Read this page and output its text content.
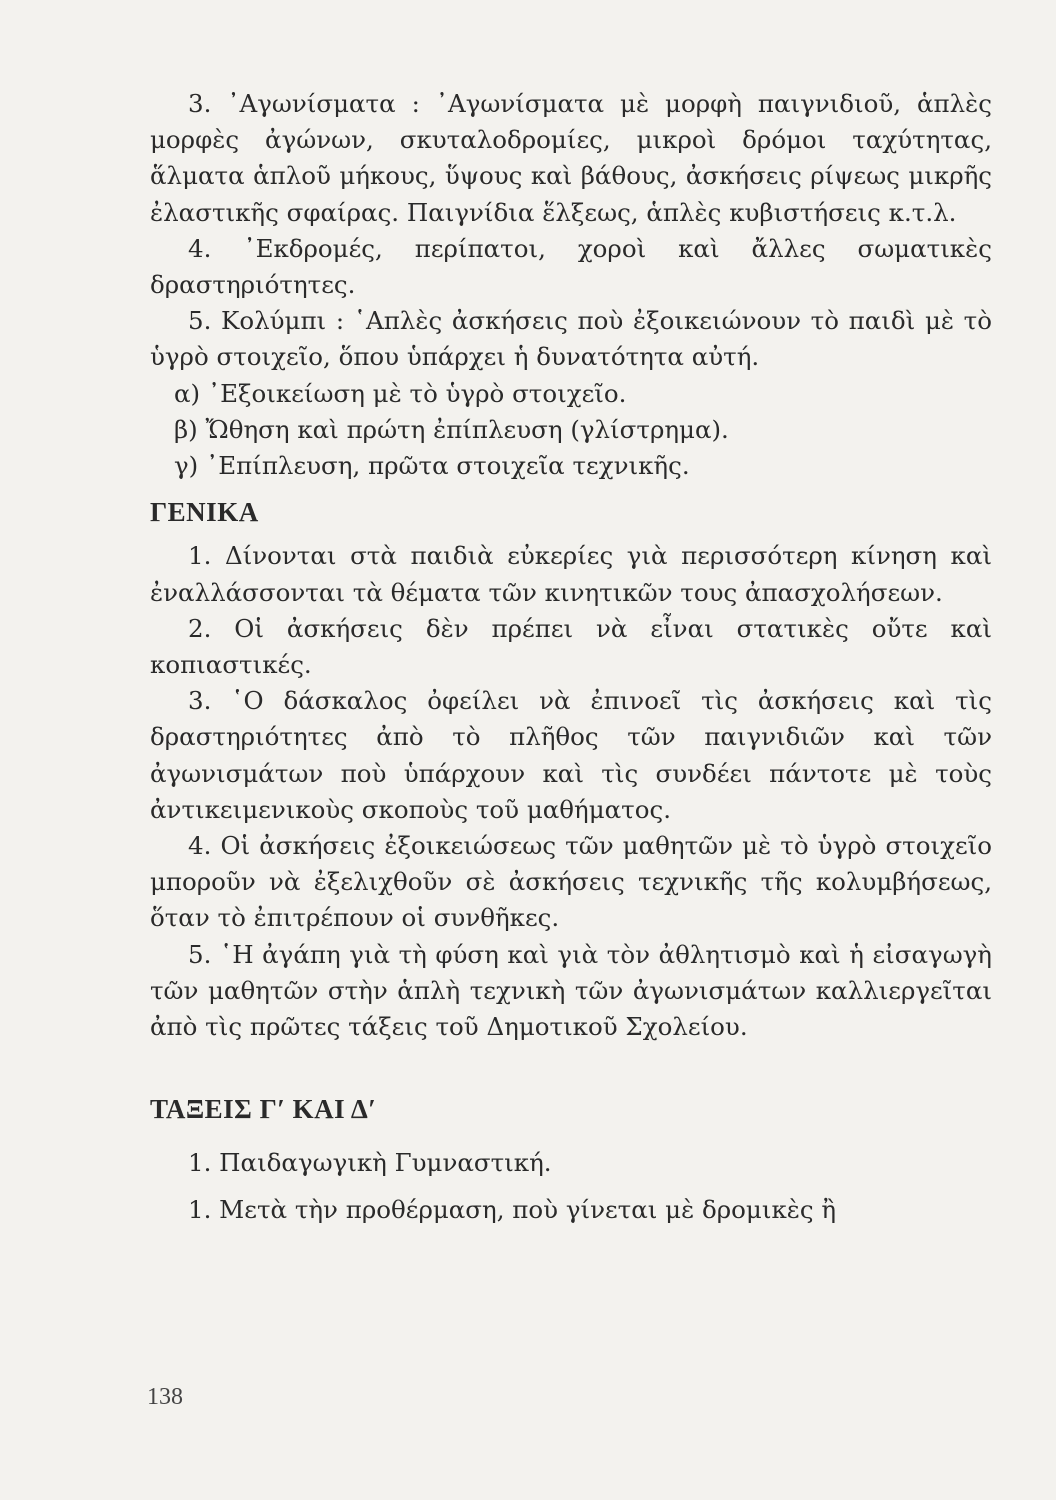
3. ᾿Αγωνίσματα : ᾿Αγωνίσματα μὲ μορφὴ παιγνιδιοῦ, ἁπλὲς μορφὲς ἀγώνων, σκυταλοδρομίες, μικροὶ δρόμοι ταχύτητας, ἅλματα ἁπλοῦ μήκους, ὕψους καὶ βάθους, ἀσκήσεις ρίψεως μικρῆς ἐλαστικῆς σφαίρας. Παιγνίδια ἕλξεως, ἁπλὲς κυβιστήσεις κ.τ.λ.

4. ᾿Εκδρομές, περίπατοι, χοροὶ καὶ ἄλλες σωματικὲς δραστηριότητες.

5. Κολύμπι : ῾Απλὲς ἀσκήσεις ποὺ ἐξοικειώνουν τὸ παιδὶ μὲ τὸ ὑγρὸ στοιχεῖο, ὅπου ὑπάρχει ἡ δυνατότητα αὐτή.

α) ᾿Εξοικείωση μὲ τὸ ὑγρὸ στοιχεῖο.

β) Ὤθηση καὶ πρώτη ἐπίπλευση (γλίστρημα).

γ) ᾿Επίπλευση, πρῶτα στοιχεῖα τεχνικῆς.

ΓΕΝΙΚΑ

1. Δίνονται στὰ παιδιὰ εὐκερίες γιὰ περισσότερη κίνηση καὶ ἐναλλάσσονται τὰ θέματα τῶν κινητικῶν τους ἀπασχολήσεων.

2. Οἱ ἀσκήσεις δὲν πρέπει νὰ εἶναι στατικὲς οὔτε καὶ κοπιαστικές.

3. ῾Ο δάσκαλος ὀφείλει νὰ ἐπινοεῖ τὶς ἀσκήσεις καὶ τὶς δραστηριότητες ἀπὸ τὸ πλῆθος τῶν παιγνιδιῶν καὶ τῶν ἀγωνισμάτων ποὺ ὑπάρχουν καὶ τὶς συνδέει πάντοτε μὲ τοὺς ἀντικειμενικοὺς σκοποὺς τοῦ μαθήματος.

4. Οἱ ἀσκήσεις ἐξοικειώσεως τῶν μαθητῶν μὲ τὸ ὑγρὸ στοιχεῖο μποροῦν νὰ ἐξελιχθοῦν σὲ ἀσκήσεις τεχνικῆς τῆς κολυμβήσεως, ὅταν τὸ ἐπιτρέπουν οἱ συνθῆκες.

5. ῾Η ἀγάπη γιὰ τὴ φύση καὶ γιὰ τὸν ἀθλητισμὸ καὶ ἡ εἰσαγωγὴ τῶν μαθητῶν στὴν ἁπλὴ τεχνικὴ τῶν ἀγωνισμάτων καλλιεργεῖται ἀπὸ τὶς πρῶτες τάξεις τοῦ Δημοτικοῦ Σχολείου.

ΤΑΞΕΙΣ Γ′ ΚΑΙ Δ′

1. Παιδαγωγικὴ Γυμναστική.

1. Μετὰ τὴν προθέρμαση, ποὺ γίνεται μὲ δρομικὲς ἢ

138
